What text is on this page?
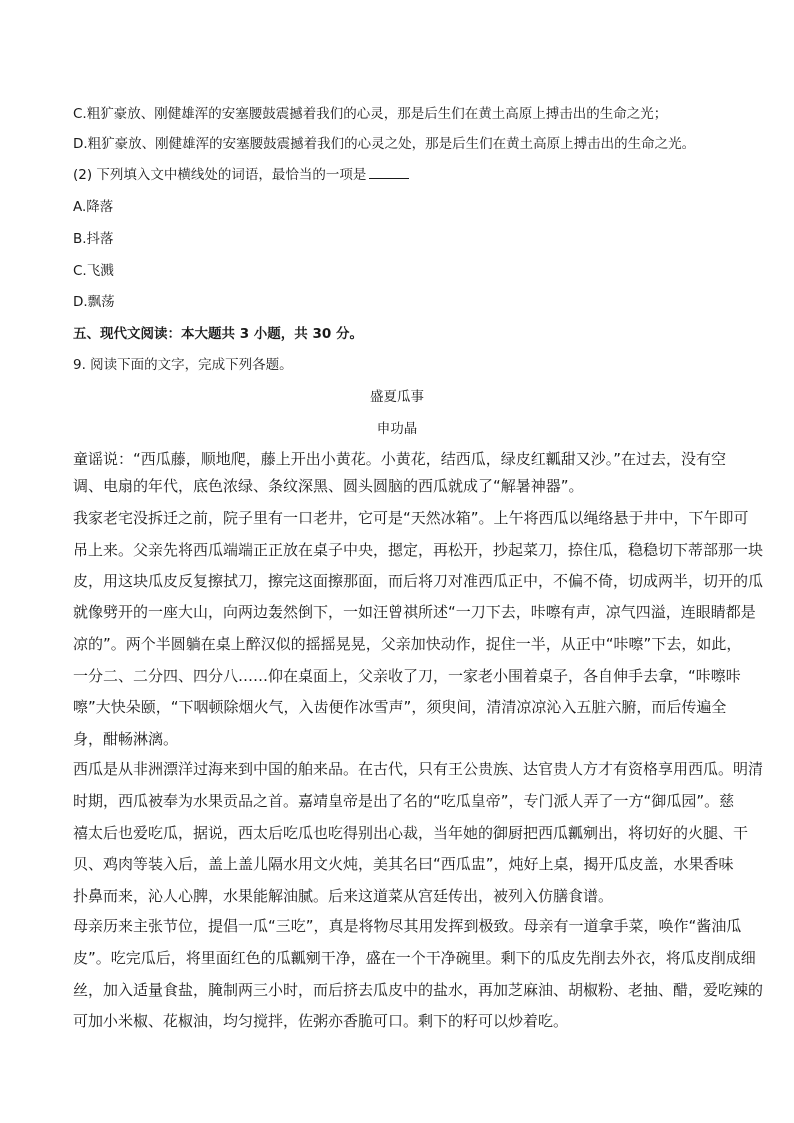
C.粗犷豪放、刚健雄浑的安塞腰鼓震撼着我们的心灵，那是后生们在黄土高原上搏击出的生命之光；
D.粗犷豪放、刚健雄浑的安塞腰鼓震撼着我们的心灵之处，那是后生们在黄土高原上搏击出的生命之光。
(2) 下列填入文中横线处的词语，最恰当的一项是
A.降落
B.抖落
C.飞溅
D.飘荡
五、现代文阅读：本大题共 3 小题，共 30 分。
9. 阅读下面的文字，完成下列各题。
盛夏瓜事
申功晶
童谣说：“西瓜藤，顺地爬，藤上开出小黄花。小黄花，结西瓜，绿皮红瓤甜又沙。”在过去，没有空
调、电扇的年代，底色浓绿、条纹深黑、圆头圆脑的西瓜就成了“解暑神器”。
我家老宅没拆迁之前，院子里有一口老井，它可是“天然冰箱”。上午将西瓜以绳络悬于井中，下午即可
吊上来。父亲先将西瓜端端正正放在桌子中央，摁定，再松开，抄起菜刀，捺住瓜，稳稳切下蒂部那一块
皮，用这块瓜皮反复擦拭刀，擦完这面擦那面，而后将刀对准西瓜正中，不偏不倚，切成两半，切开的瓜
就像劈开的一座大山，向两边轰然倒下，一如汪曾祺所述“一刀下去，咔嚓有声，凉气四溢，连眼睛都是
凉的”。两个半圆躺在桌上醉汉似的摇摇晃晃，父亲加快动作，捉住一半，从正中“咔嚓”下去，如此，
一分二、二分四、四分八……仰在桌面上，父亲收了刀，一家老小围着桌子，各自伸手去拿，“咔嚓咔
嚓”大快朵颐，“下咽顿除烟火气，入齿便作冰雪声”，须臾间，清清凉凉沁入五脏六腑，而后传遍全
身，酣畅淋漓。
西瓜是从非洲漂洋过海来到中国的舶来品。在古代，只有王公贵族、达官贵人方才有资格享用西瓜。明清
时期，西瓜被奉为水果贡品之首。嘉靖皇帝是出了名的“吃瓜皇帝”，专门派人弄了一方“御瓜园”。慈
禧太后也爱吃瓜，据说，西太后吃瓜也吃得别出心裁，当年她的御厨把西瓜瓤剜出，将切好的火腿、干
贝、鸡肉等装入后，盖上盖儿隔水用文火炖，美其名曰“西瓜盅”，炖好上桌，揭开瓜皮盖，水果香味
扑鼻而来，沁人心脾，水果能解油腻。后来这道菜从宫廷传出，被列入仿膳食谱。
母亲历来主张节位，提倡一瓜“三吃”，真是将物尽其用发挥到极致。母亲有一道拿手菜，唤作“酱油瓜
皮”。吃完瓜后，将里面红色的瓜瓤剜干净，盛在一个干净碗里。剩下的瓜皮先削去外衣，将瓜皮削成细
丝，加入适量食盐，腌制两三小时，而后挤去瓜皮中的盐水，再加芝麻油、胡椒粉、老抽、醋，爱吃辣的
可加小米椒、花椒油，均匀搅拌，佐粥亦香脆可口。剩下的籽可以炒着吃。
